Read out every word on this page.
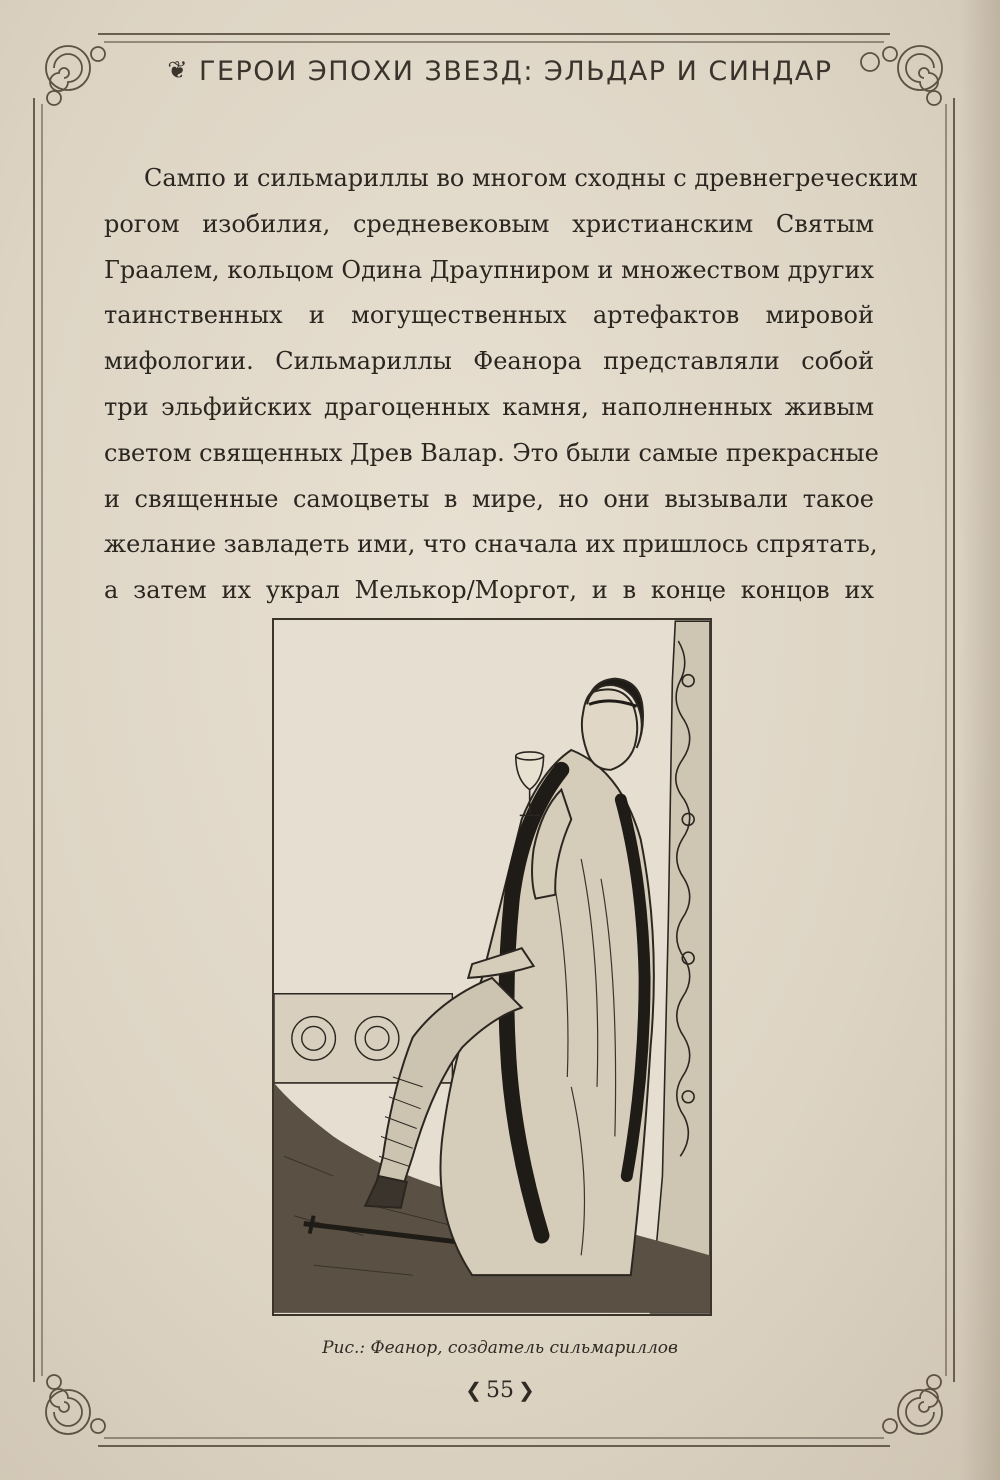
❦ ГЕРОИ ЭПОХИ ЗВЕЗД: ЭЛЬДАР И СИНДАР
Сампо и сильмариллы во многом сходны с древнегреческим
рогом изобилия, средневековым христианским Святым
Граалем, кольцом Одина Драупниром и множеством других
таинственных и могущественных артефактов мировой
мифологии. Сильмариллы Феанора представляли собой
три эльфийских драгоценных камня, наполненных живым
светом священных Древ Валар. Это были самые прекрасные
и священные самоцветы в мире, но они вызывали такое
желание завладеть ими, что сначала их пришлось спрятать,
а затем их украл Мелькор/Моргот, и в конце концов их
Рис.: Феанор, создатель сильмариллов
❮ 55 ❯
